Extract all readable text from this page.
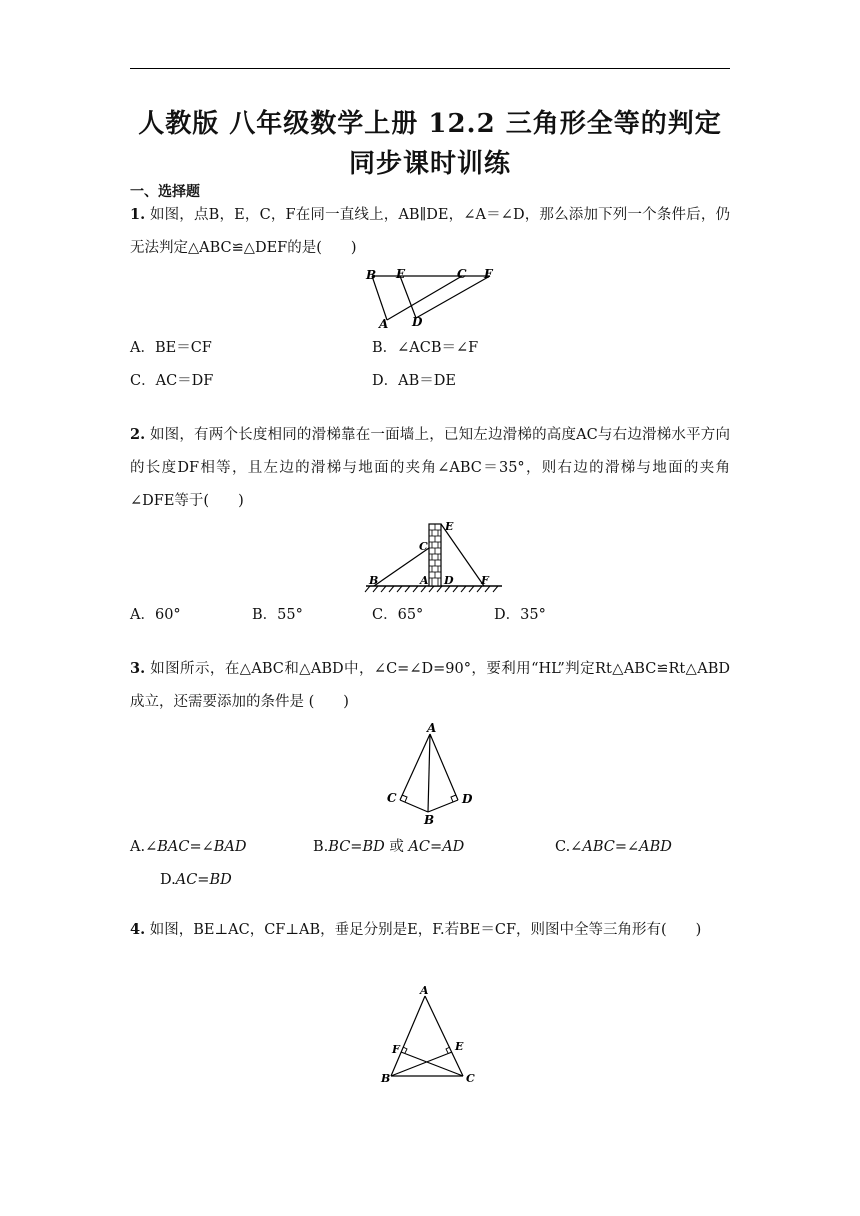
人教版 八年级数学上册 12.2 三角形全等的判定 同步课时训练
一、选择题
1. 如图，点B，E，C，F在同一直线上，AB∥DE，∠A＝∠D，那么添加下列一个条件后，仍无法判定△ABC≌△DEF的是(　　)
B E	C F
A D
A．BE＝CF	B．∠ACB＝∠F
C．AC＝DF	D．AB＝DE
2. 如图，有两个长度相同的滑梯靠在一面墙上，已知左边滑梯的高度AC与右边滑梯水平方向的长度DF相等，且左边的滑梯与地面的夹角∠ABC＝35°，则右边的滑梯与地面的夹角∠DFE等于(　　)
E
C
B	A D F
A．60°	B．55°	C．65°	D．35°
3. 如图所示，在△ABC和△ABD中，∠C=∠D=90°，要利用“HL”判定Rt△ABC≌Rt△ABD成立，还需要添加的条件是 (　　)
A
C	D
B
A.∠BAC=∠BAD	B.BC=BD 或 AC=AD	C.∠ABC=∠ABD
D.AC=BD
4. 如图，BE⊥AC，CF⊥AB，垂足分别是E，F.若BE＝CF，则图中全等三角形有(　　)
A
F	E
B	C
